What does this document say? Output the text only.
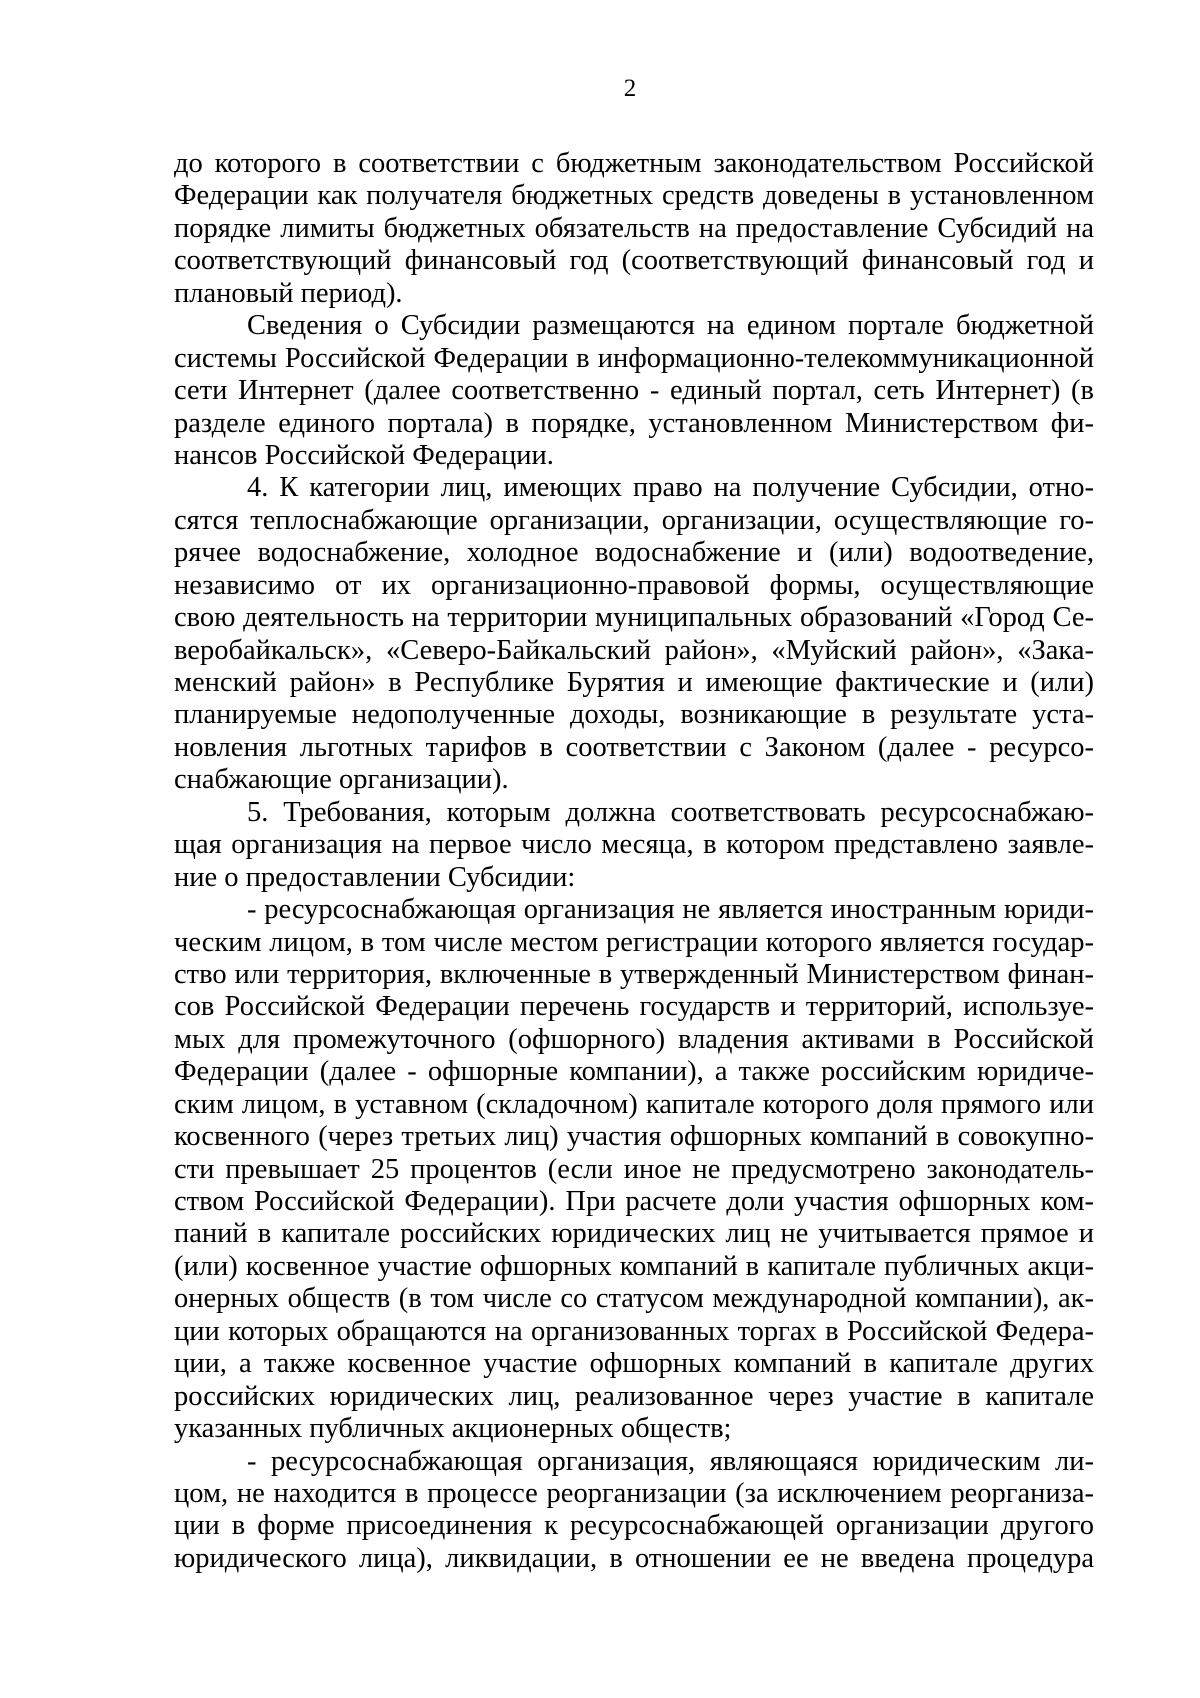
2
до которого в соответствии с бюджетным законодательством Российской
Федерации как получателя бюджетных средств доведены в установленном
порядке лимиты бюджетных обязательств на предоставление Субсидий на
соответствующий финансовый год (соответствующий финансовый год и
плановый период).
Сведения о Субсидии размещаются на едином портале бюджетной
системы Российской Федерации в информационно-телекоммуникационной
сети Интернет (далее соответственно - единый портал, сеть Интернет) (в
разделе единого портала) в порядке, установленном Министерством фи-
нансов Российской Федерации.
4. К категории лиц, имеющих право на получение Субсидии, отно-
сятся теплоснабжающие организации, организации, осуществляющие го-
рячее водоснабжение, холодное водоснабжение и (или) водоотведение,
независимо от их организационно-правовой формы, осуществляющие
свою деятельность на территории муниципальных образований «Город Се-
веробайкальск», «Северо-Байкальский район», «Муйский район», «Зака-
менский район» в Республике Бурятия и имеющие фактические и (или)
планируемые недополученные доходы, возникающие в результате уста-
новления льготных тарифов в соответствии с Законом (далее - ресурсо-
снабжающие организации).
5. Требования, которым должна соответствовать ресурсоснабжаю-
щая организация на первое число месяца, в котором представлено заявле-
ние о предоставлении Субсидии:
- ресурсоснабжающая организация не является иностранным юриди-
ческим лицом, в том числе местом регистрации которого является государ-
ство или территория, включенные в утвержденный Министерством финан-
сов Российской Федерации перечень государств и территорий, используе-
мых для промежуточного (офшорного) владения активами в Российской
Федерации (далее - офшорные компании), а также российским юридиче-
ским лицом, в уставном (складочном) капитале которого доля прямого или
косвенного (через третьих лиц) участия офшорных компаний в совокупно-
сти превышает 25 процентов (если иное не предусмотрено законодатель-
ством Российской Федерации). При расчете доли участия офшорных ком-
паний в капитале российских юридических лиц не учитывается прямое и
(или) косвенное участие офшорных компаний в капитале публичных акци-
онерных обществ (в том числе со статусом международной компании), ак-
ции которых обращаются на организованных торгах в Российской Федера-
ции, а также косвенное участие офшорных компаний в капитале других
российских юридических лиц, реализованное через участие в капитале
указанных публичных акционерных обществ;
- ресурсоснабжающая организация, являющаяся юридическим ли-
цом, не находится в процессе реорганизации (за исключением реорганиза-
ции в форме присоединения к ресурсоснабжающей организации другого
юридического лица), ликвидации, в отношении ее не введена процедура
